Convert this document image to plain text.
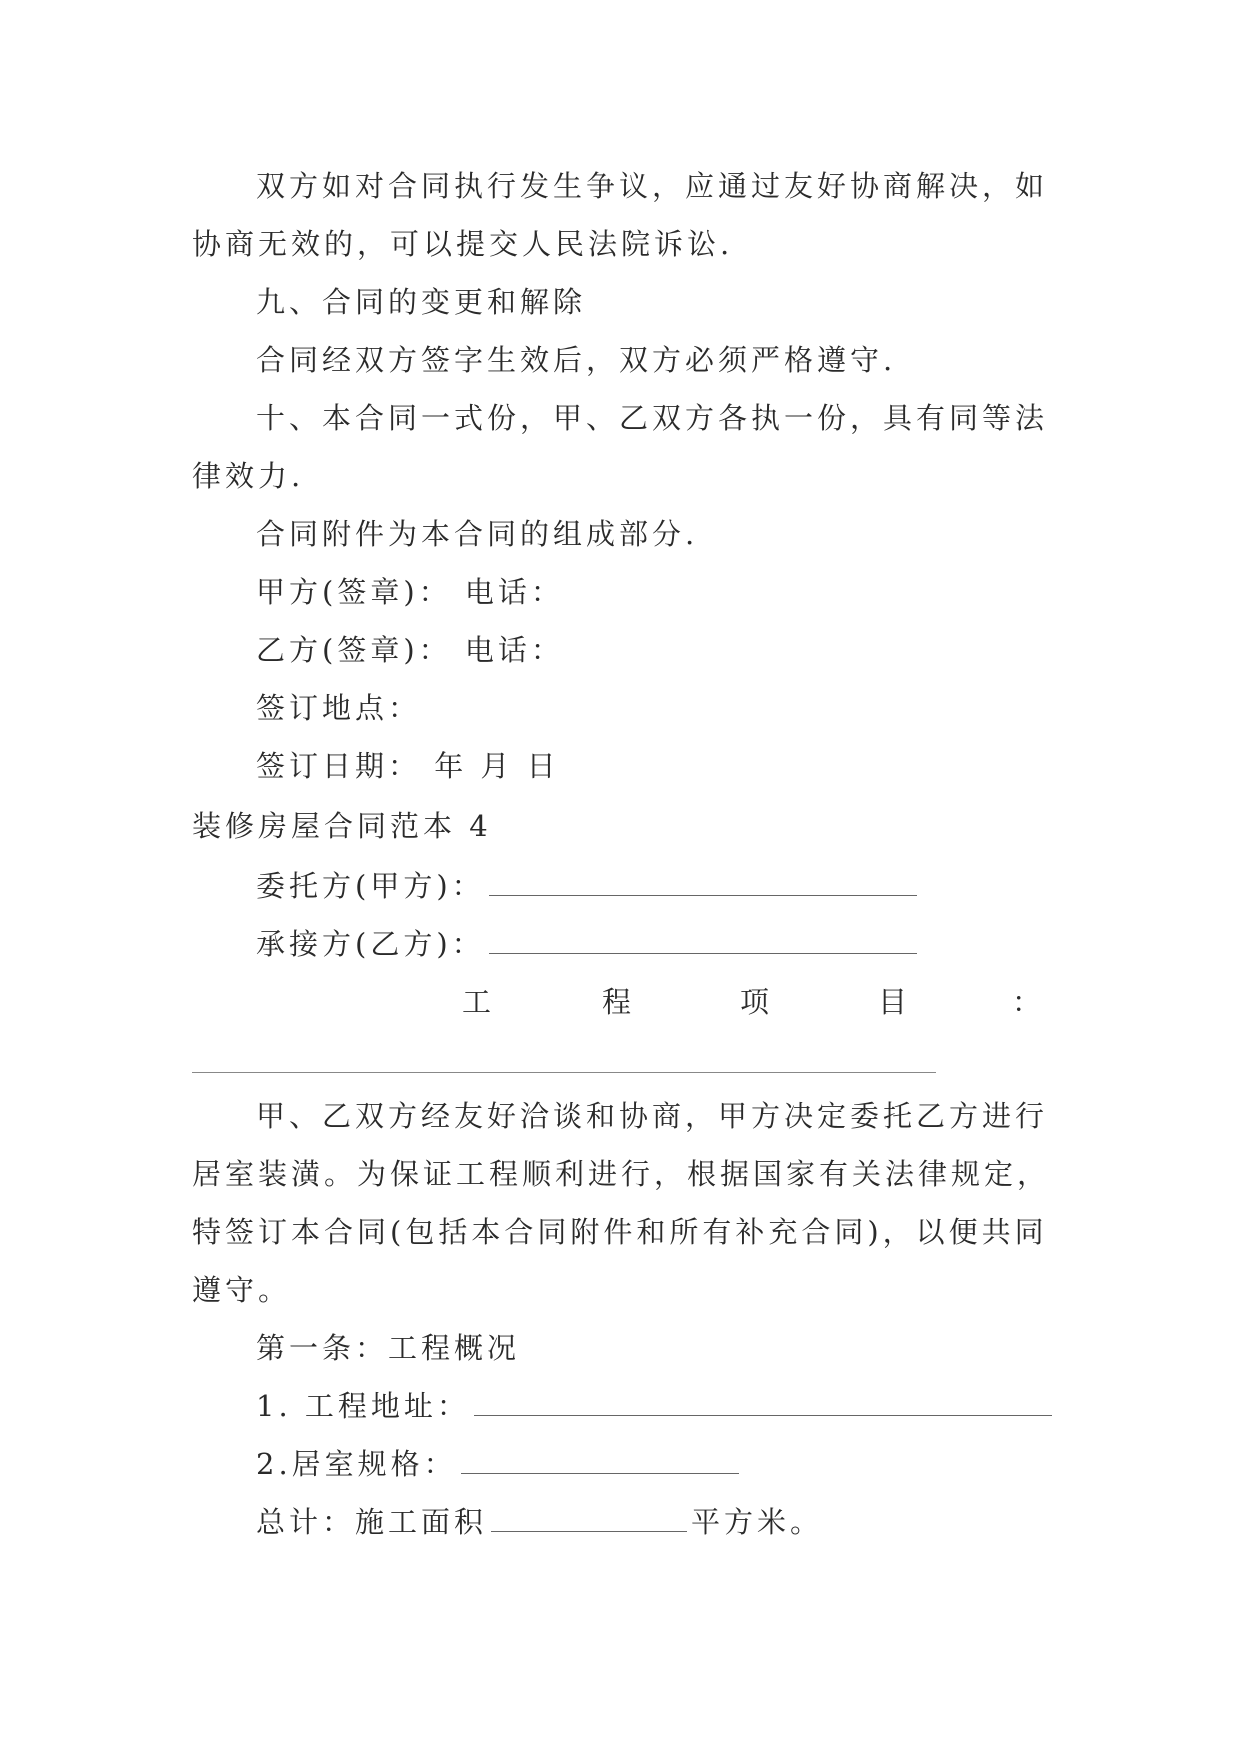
双方如对合同执行发生争议，应通过友好协商解决，如
协商无效的，可以提交人民法院诉讼.
九、合同的变更和解除
合同经双方签字生效后，双方必须严格遵守.
十、本合同一式份，甲、乙双方各执一份，具有同等法
律效力.
合同附件为本合同的组成部分.
甲方(签章)： 电话：
乙方(签章)： 电话：
签订地点：
签订日期： 年 月 日
装修房屋合同范本 4
委托方(甲方)：
承接方(乙方)：
工	程	项	目	：
甲、乙双方经友好洽谈和协商，甲方决定委托乙方进行
居室装潢。为保证工程顺利进行，根据国家有关法律规定，
特签订本合同(包括本合同附件和所有补充合同)，以便共同
遵守。
第一条：工程概况
1. 工程地址：
2.居室规格：
总计：施工面积	平方米。
